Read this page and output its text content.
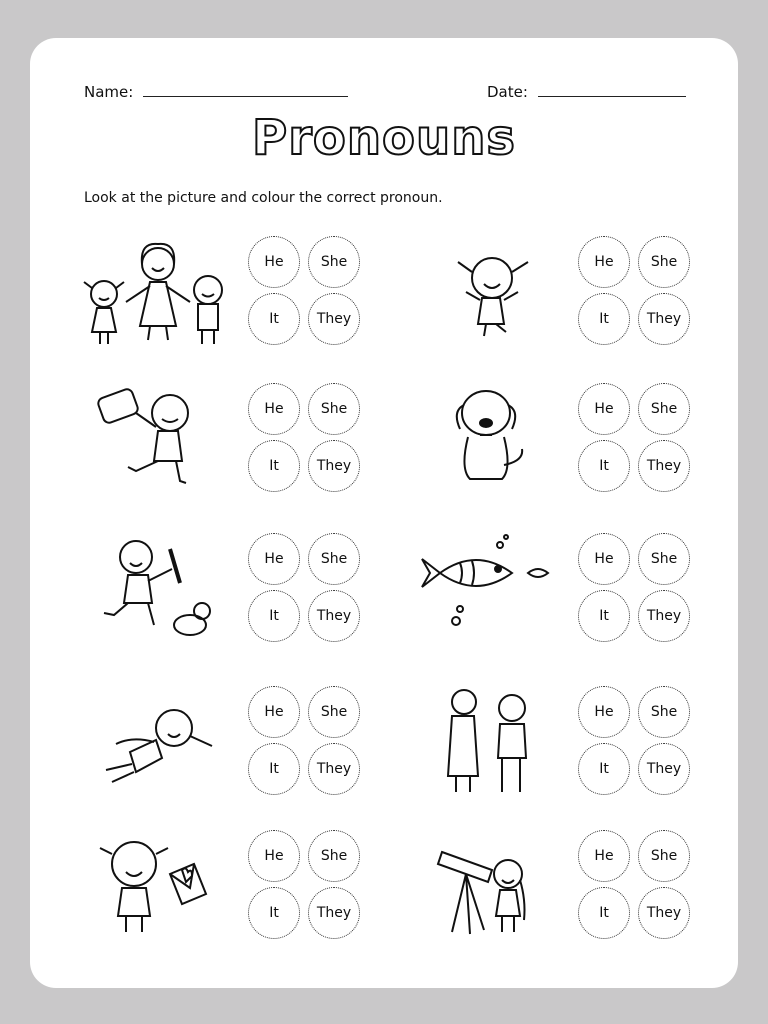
Name:	Date:
Pronouns
Look at the picture and colour the correct pronoun.
He	She
It	They
He	She
It	They
He	She
It	They
He	She
It	They
He	She
It	They
He	She
It	They
He	She
It	They
He	She
It	They
He	She
It	They
He	She
It	They
